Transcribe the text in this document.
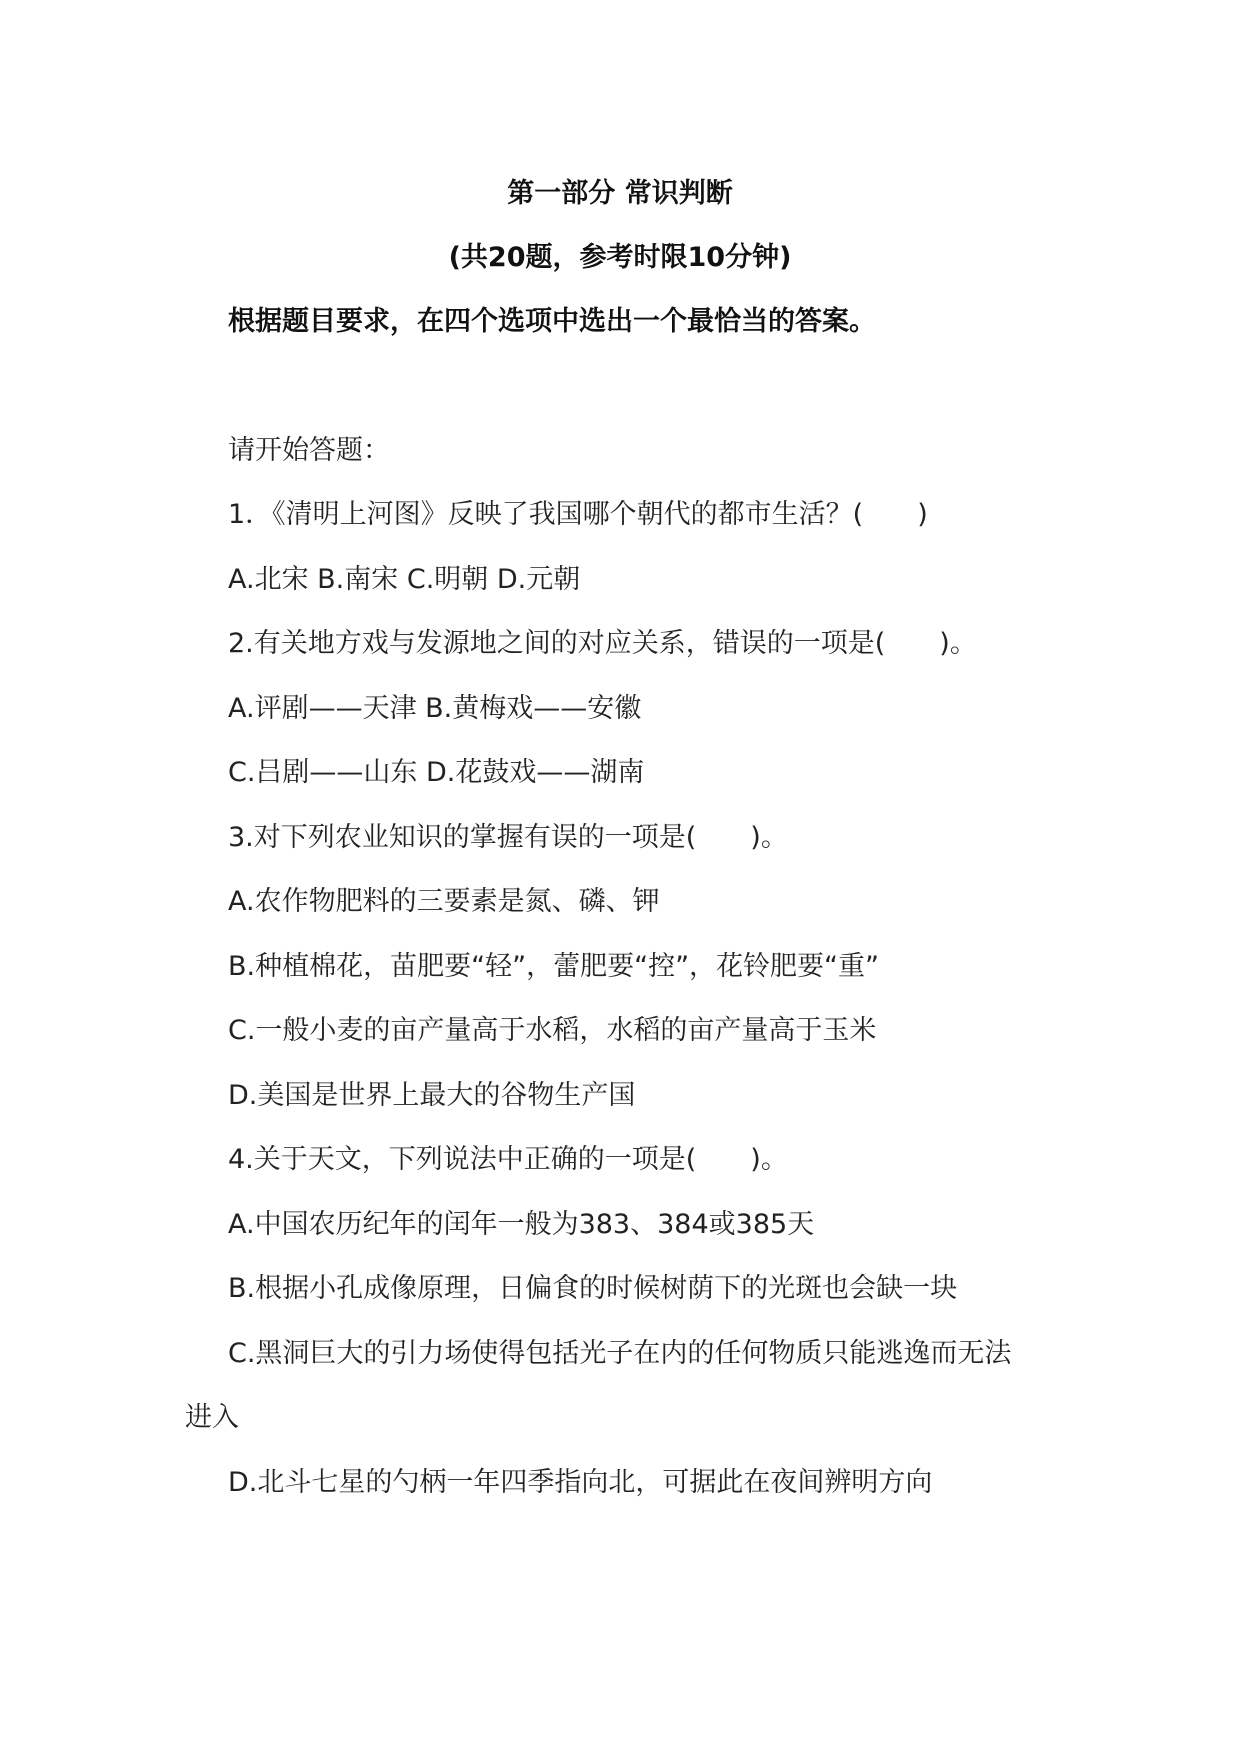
第一部分 常识判断
(共20题，参考时限10分钟)
根据题目要求，在四个选项中选出一个最恰当的答案。
请开始答题：
1．《清明上河图》反映了我国哪个朝代的都市生活？(　　)
A.北宋 B.南宋 C.明朝 D.元朝
2.有关地方戏与发源地之间的对应关系，错误的一项是(　　)。
A.评剧——天津 B.黄梅戏——安徽
C.吕剧——山东 D.花鼓戏——湖南
3.对下列农业知识的掌握有误的一项是(　　)。
A.农作物肥料的三要素是氮、磷、钾
B.种植棉花，苗肥要“轻”，蕾肥要“控”，花铃肥要“重”
C.一般小麦的亩产量高于水稻，水稻的亩产量高于玉米
D.美国是世界上最大的谷物生产国
4.关于天文，下列说法中正确的一项是(　　)。
A.中国农历纪年的闰年一般为383、384或385天
B.根据小孔成像原理，日偏食的时候树荫下的光斑也会缺一块
C.黑洞巨大的引力场使得包括光子在内的任何物质只能逃逸而无法
进入
D.北斗七星的勺柄一年四季指向北，可据此在夜间辨明方向
